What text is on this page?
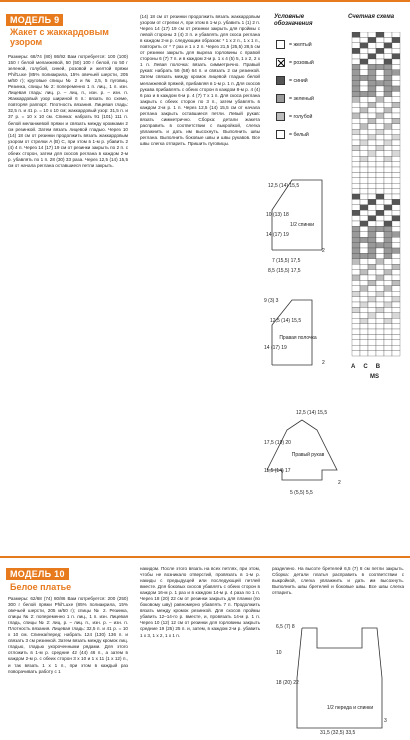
МОДЕЛЬ 9
Жакет с жаккардовым узором

Размеры: 68/74 (80) 86/92 Вам потребуется: 100 (100) 150 г белой меланжевой, 50 (50) 100 г белой, по 50 г зеленой, голубой, синей, розовой и желтой пряжи Phil'Luxe (85% полиакрила, 15% овечьей шерсти, 205 м/50 г); круговые спицы № 2 и № 2,5, 5 пуговиц. Резинка, спицы № 2: попеременно 1 п. лиц., 1 п. изн. Лицевая гладь: лиц. р. – лиц. п., изн. р. – изн. п. Жаккардовый узор шириной 6 п.: вязать по схеме, повторяя раппорт. Плотность вязания. Лицевая гладь: 32,5 п. и 41 р. = 10 х 10 см; жаккардовый узор: 31,5 п. и 37 р. = 10 х 10 см. Спинка: набрать 91 (101) 111 п. белой меланжевой пряжи и связать между кромками 2 см резинкой. Затем вязать лицевой гладью. Через 10 (14) 18 см от резинки продолжить вязать жаккардовым узором от стрелки A (B) C, при этом в 1-м р. убавить 2 (4) 4 п. Через 14 (17) 19 см от резинки закрыть по 2 п. с обеих сторон, затем для скосов реглана в каждом 2-м р. убавлять по 1 п. 28 (30) 33 раза. Через 12,5 (14) 15,5 см от начала реглана оставшиеся петли закрыть.

(14) 18 см от резинки продолжить вязать жаккардовым узором от стрелки A, при этом в 1-м р. убавить 1 (1) 2 п. Через 14 (17) 19 см от резинки закрыть для проймы с левой стороны 3 (4) 3 п. и убавлять для скоса реглана в каждом 2-м р. следующим образом: * 1 х 2 п., 1 х 1 п., повторить от * 7 раз и 1 х 2 п. Через 21,5 (25,5) 28,5 см от резинки закрыть для выреза горловины с правой стороны 6 (7) 7 п. и в каждом 2-м р. 1 х 4 (5) 5, 1 х 2, 2 х 1 п. Левая полочка: вязать симметрично. Правый рукав: набрать 56 (58) 64 п. и связать 2 см резинкой. Затем связать между кромок лицевой гладью белой меланжевой пряжей, прибавляя в 1-м р. 1 п. Для скосов рукава прибавлять с обеих сторон в каждом 8-м р. 4 (4) 6 раз и в каждом 6-м р. 4 (7) 7 х 1 п. Для скоса реглана закрыть с обеих сторон по 3 п., затем убавлять в каждом 2-м р. 1 п. Через 12,5 (14) 15,5 см от начала реглана закрыть оставшиеся петли. Левый рукав: вязать симметрично. Сборка: детали жакета расправить в соответствии с выкройкой, слегка увлажнить и дать им высохнуть. Выполнить швы реглана. Выполнить боковые швы и швы рукавов. Все швы слегка отпарить. Пришить пуговицы.

Условные обозначения
Счетная схема
= желтый
= розовый
= синий
= зеленый
= голубой
= белый
A C B
MS
1/2 спинки
Правая полочка
Правый рукав
12,5 (14) 15,5
10 (13) 18
14 (17) 19
7 (15,5) 17,5
2
8,5 (15,5) 17,5
9 (3) 3
14 (17) 19
12,5 (14) 15,5
2
12,5 (14) 15,5
17,5 (19) 20
11,5 (14) 17
2
5 (5,5) 5,5
МОДЕЛЬ 10
Белое платье

Размеры: 62/68 (74) 80/86 Вам потребуется: 200 (250) 300 г белой пряжи Phil'Luxe (85% полиакрила, 15% овечьей шерсти, 205 м/50 г); спицы № 2. Резинка, спицы № 2: попеременно 1 п. лиц., 1 п. изн. Лицевая гладь, спицы № 2: лиц. р. – лиц. п., изн. р. – изн. п. Плотность вязания. Лицевая гладь: 32,5 п. и 41 р. = 10 х 10 см. Спинка/перед: набрать 124 (130) 136 п. и связать 3 см резинкой. Затем вязать между кромок лиц. гладью, гладью укороченными рядами. Для этого отложить в 1-м р. средние 42 (44) 46 п., а затем в каждом 2-м р. с обеих сторон 3 х 10 и 1 х 11 (1 х 12) п., и так вязать 1 х 1 п., при этом в каждый раз поворачивать работу с 1

накидом. После этого вязать на всех петлях, при этом, чтобы не возникало отверстий, провязать в 1-м р. накиды с предыдущей или последующей петлей вместе. Для боковых скосов убавлять с обеих сторон в каждом 16-м р. 1 раз и в каждом 14-м р. 4 раза по 1 п. Через 18 (20) 22 см от резинки закрыть для планки (по боковому шву) равномерно убавлять 7 п. Продолжить вязать между кромок резинкой. Для скосов проймы убавить 12–14-го р. вместе, и, провязать 14-м р. 1 п. Через 10 (12) 12 см от резинки для горловины закрыть средние 19 (25) 25 п. и, затем, в каждом 2-м р. убавить 1 х 3, 1 х 2, 1 х 1 п.

разделено. На высоте бретелей 6,5 (7) 8 см петли закрыть. Сборка: детали платья расправить в соответствии с выкройкой, слегка увлажнить и дать им высохнуть. Выполнить швы бретелей и боковые швы. Все швы слегка отпарить.

1/2 переда и спинки
6,5 (7) 8
10
18 (20) 22
3
31,5 (32,5) 33,5
